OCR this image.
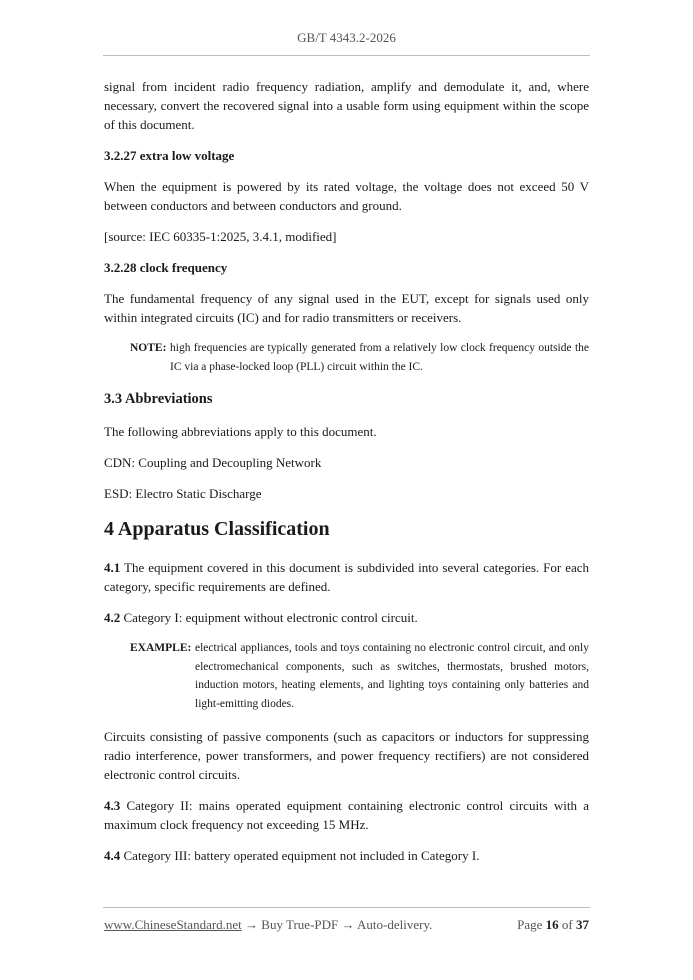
GB/T 4343.2-2026

signal from incident radio frequency radiation, amplify and demodulate it, and, where necessary, convert the recovered signal into a usable form using equipment within the scope of this document.

3.2.27 extra low voltage

When the equipment is powered by its rated voltage, the voltage does not exceed 50 V between conductors and between conductors and ground.

[source: IEC 60335-1:2025, 3.4.1, modified]

3.2.28 clock frequency

The fundamental frequency of any signal used in the EUT, except for signals used only within integrated circuits (IC) and for radio transmitters or receivers.

NOTE: high frequencies are typically generated from a relatively low clock frequency outside the IC via a phase-locked loop (PLL) circuit within the IC.
3.3 Abbreviations

The following abbreviations apply to this document.

CDN: Coupling and Decoupling Network

ESD: Electro Static Discharge

4 Apparatus Classification

4.1 The equipment covered in this document is subdivided into several categories. For each category, specific requirements are defined.

4.2 Category I: equipment without electronic control circuit.

EXAMPLE: electrical appliances, tools and toys containing no electronic control circuit, and only electromechanical components, such as switches, thermostats, brushed motors, induction motors, heating elements, and lighting toys containing only batteries and light-emitting diodes.

Circuits consisting of passive components (such as capacitors or inductors for suppressing radio interference, power transformers, and power frequency rectifiers) are not considered electronic control circuits.

4.3 Category II: mains operated equipment containing electronic control circuits with a maximum clock frequency not exceeding 15 MHz.

4.4 Category III: battery operated equipment not included in Category I.

www.ChineseStandard.net → Buy True-PDF → Auto-delivery.	Page 16 of 37
